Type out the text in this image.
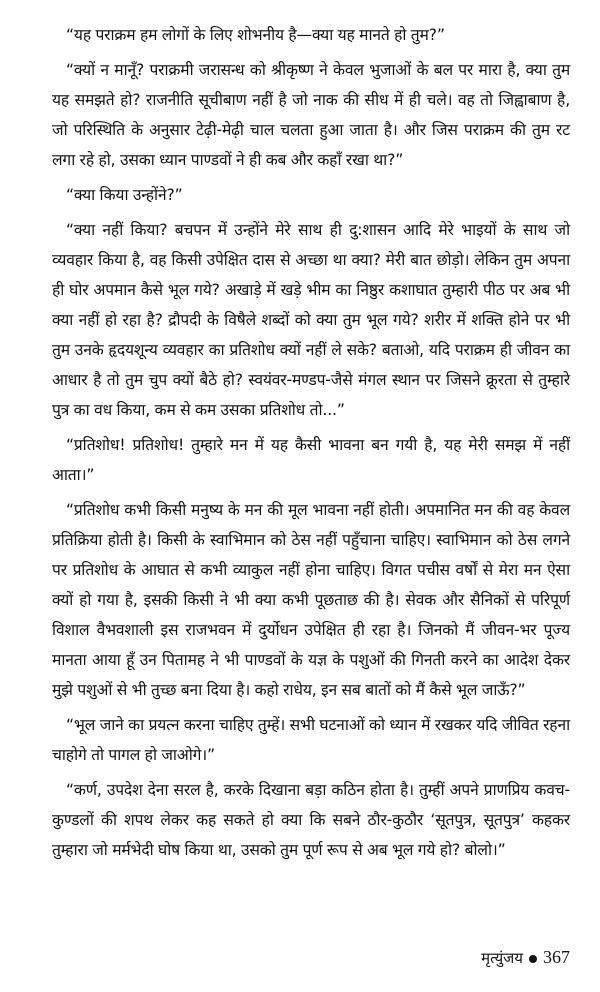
“यह पराक्रम हम लोगों के लिए शोभनीय है—क्या यह मानते हो तुम?”

“क्यों न मानूँ? पराक्रमी जरासन्ध को श्रीकृष्ण ने केवल भुजाओं के बल पर मारा है, क्या तुम यह समझते हो? राजनीति सूचीबाण नहीं है जो नाक की सीध में ही चले। वह तो जिह्वाबाण है, जो परिस्थिति के अनुसार टेढ़ी-मेढ़ी चाल चलता हुआ जाता है। और जिस पराक्रम की तुम रट लगा रहे हो, उसका ध्यान पाण्डवों ने ही कब और कहाँ रखा था?”

“क्या किया उन्होंने?”

“क्या नहीं किया? बचपन में उन्होंने मेरे साथ ही दु:शासन आदि मेरे भाइयों के साथ जो व्यवहार किया है, वह किसी उपेक्षित दास से अच्छा था क्या? मेरी बात छोड़ो। लेकिन तुम अपना ही घोर अपमान कैसे भूल गये? अखाड़े में खड़े भीम का निष्ठुर कशाघात तुम्हारी पीठ पर अब भी क्या नहीं हो रहा है? द्रौपदी के विषैले शब्दों को क्या तुम भूल गये? शरीर में शक्ति होने पर भी तुम उनके हृदयशून्य व्यवहार का प्रतिशोध क्यों नहीं ले सके? बताओ, यदि पराक्रम ही जीवन का आधार है तो तुम चुप क्यों बैठे हो? स्वयंवर-मण्डप-जैसे मंगल स्थान पर जिसने क्रूरता से तुम्हारे पुत्र का वध किया, कम से कम उसका प्रतिशोध तो...”

“प्रतिशोध! प्रतिशोध! तुम्हारे मन में यह कैसी भावना बन गयी है, यह मेरी समझ में नहीं आता।”

“प्रतिशोध कभी किसी मनुष्य के मन की मूल भावना नहीं होती। अपमानित मन की वह केवल प्रतिक्रिया होती है। किसी के स्वाभिमान को ठेस नहीं पहुँचाना चाहिए। स्वाभिमान को ठेस लगने पर प्रतिशोध के आघात से कभी व्याकुल नहीं होना चाहिए। विगत पचीस वर्षों से मेरा मन ऐसा क्यों हो गया है, इसकी किसी ने भी क्या कभी पूछताछ की है। सेवक और सैनिकों से परिपूर्ण विशाल वैभवशाली इस राजभवन में दुर्योधन उपेक्षित ही रहा है। जिनको मैं जीवन-भर पूज्य मानता आया हूँ उन पितामह ने भी पाण्डवों के यज्ञ के पशुओं की गिनती करने का आदेश देकर मुझे पशुओं से भी तुच्छ बना दिया है। कहो राधेय, इन सब बातों को मैं कैसे भूल जाऊँ?”

“भूल जाने का प्रयत्न करना चाहिए तुम्हें। सभी घटनाओं को ध्यान में रखकर यदि जीवित रहना चाहोगे तो पागल हो जाओगे।”

“कर्ण, उपदेश देना सरल है, करके दिखाना बड़ा कठिन होता है। तुम्हीं अपने प्राणप्रिय कवच-कुण्डलों की शपथ लेकर कह सकते हो क्या कि सबने ठौर-कुठौर ‘सूतपुत्र, सूतपुत्र’ कहकर तुम्हारा जो मर्मभेदी घोष किया था, उसको तुम पूर्ण रूप से अब भूल गये हो? बोलो।”

मृत्युंजय 367
